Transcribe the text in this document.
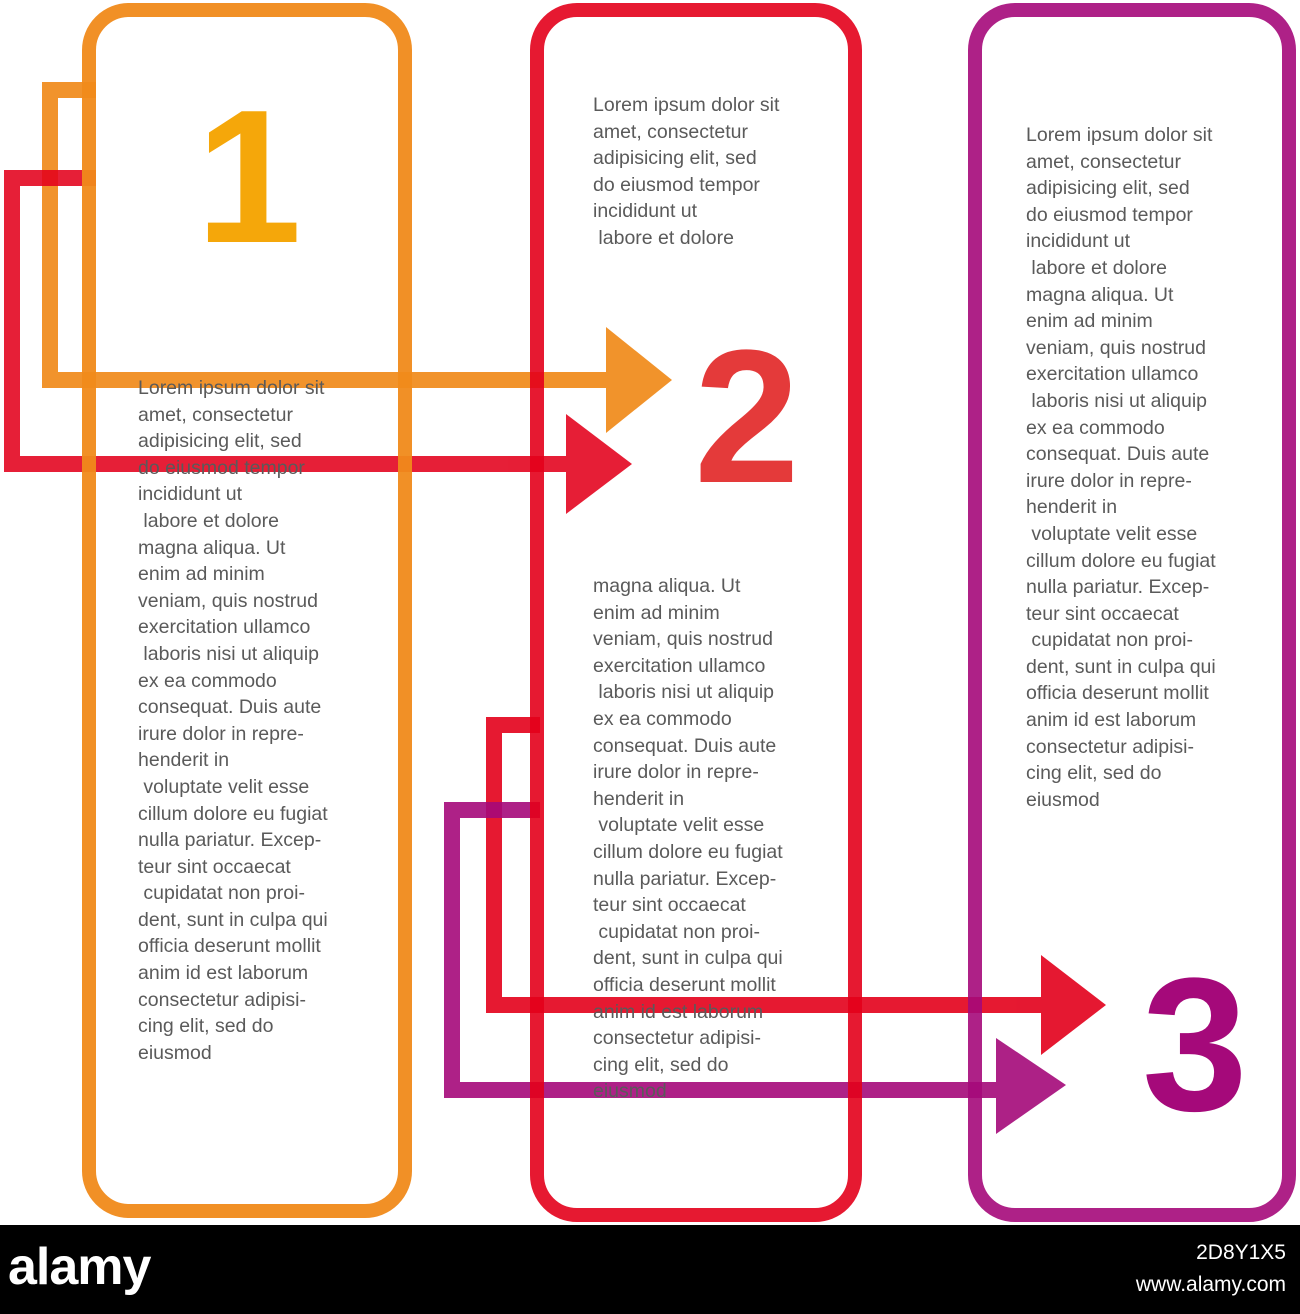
1
2
3
Lorem ipsum dolor sit
amet, consectetur
adipisicing elit, sed
do eiusmod tempor
incididunt ut
labore et dolore
magna aliqua. Ut
enim ad minim
veniam, quis nostrud
exercitation ullamco
laboris nisi ut aliquip
ex ea commodo
consequat. Duis aute
irure dolor in repre-
henderit in
voluptate velit esse
cillum dolore eu fugiat
nulla pariatur. Excep-
teur sint occaecat
cupidatat non proi-
dent, sunt in culpa qui
officia deserunt mollit
anim id est laborum
consectetur adipisi-
cing elit, sed do
eiusmod
Lorem ipsum dolor sit
amet, consectetur
adipisicing elit, sed
do eiusmod tempor
incididunt ut
labore et dolore
magna aliqua. Ut
enim ad minim
veniam, quis nostrud
exercitation ullamco
laboris nisi ut aliquip
ex ea commodo
consequat. Duis aute
irure dolor in repre-
henderit in
voluptate velit esse
cillum dolore eu fugiat
nulla pariatur. Excep-
teur sint occaecat
cupidatat non proi-
dent, sunt in culpa qui
officia deserunt mollit
anim id est laborum
consectetur adipisi-
cing elit, sed do
eiusmod
Lorem ipsum dolor sit
amet, consectetur
adipisicing elit, sed
do eiusmod tempor
incididunt ut
labore et dolore
magna aliqua. Ut
enim ad minim
veniam, quis nostrud
exercitation ullamco
laboris nisi ut aliquip
ex ea commodo
consequat. Duis aute
irure dolor in repre-
henderit in
voluptate velit esse
cillum dolore eu fugiat
nulla pariatur. Excep-
teur sint occaecat
cupidatat non proi-
dent, sunt in culpa qui
officia deserunt mollit
anim id est laborum
consectetur adipisi-
cing elit, sed do
eiusmod
alamy	2D8Y1X5
www.alamy.com
